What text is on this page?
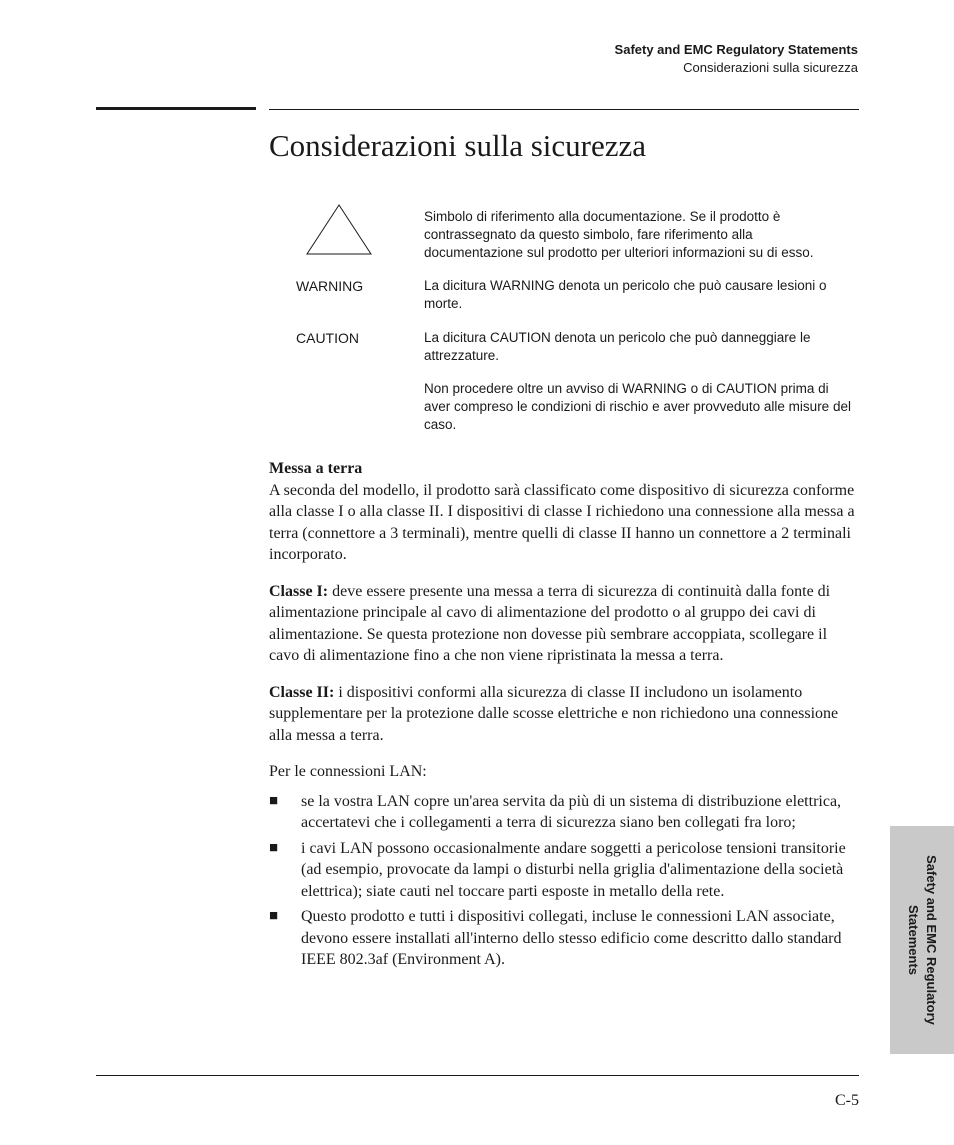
Safety and EMC Regulatory Statements
Considerazioni sulla sicurezza
Considerazioni sulla sicurezza
Simbolo di riferimento alla documentazione. Se il prodotto è contrassegnato da questo simbolo, fare riferimento alla documentazione sul prodotto per ulteriori informazioni su di esso.
WARNING	La dicitura WARNING denota un pericolo che può causare lesioni o morte.
CAUTION	La dicitura CAUTION denota un pericolo che può danneggiare le attrezzature.
Non procedere oltre un avviso di WARNING o di CAUTION prima di aver compreso le condizioni di rischio e aver provveduto alle misure del caso.

Messa a terra

A seconda del modello, il prodotto sarà classificato come dispositivo di sicurezza conforme alla classe I o alla classe II. I dispositivi di classe I richiedono una connessione alla messa a terra (connettore a 3 terminali), mentre quelli di classe II hanno un connettore a 2 terminali incorporato.

Classe I: deve essere presente una messa a terra di sicurezza di continuità dalla fonte di alimentazione principale al cavo di alimentazione del prodotto o al gruppo dei cavi di alimentazione. Se questa protezione non dovesse più sembrare accoppiata, scollegare il cavo di alimentazione fino a che non viene ripristinata la messa a terra.

Classe II: i dispositivi conformi alla sicurezza di classe II includono un isolamento supplementare per la protezione dalle scosse elettriche e non richiedono una connessione alla messa a terra.

Per le connessioni LAN:

■ se la vostra LAN copre un'area servita da più di un sistema di distribuzione elettrica, accertatevi che i collegamenti a terra di sicurezza siano ben collegati fra loro;
■ i cavi LAN possono occasionalmente andare soggetti a pericolose tensioni transitorie (ad esempio, provocate da lampi o disturbi nella griglia d'alimentazione della società elettrica); siate cauti nel toccare parti esposte in metallo della rete.
■ Questo prodotto e tutti i dispositivi collegati, incluse le connessioni LAN associate, devono essere installati all'interno dello stesso edificio come descritto dallo standard IEEE 802.3af (Environment A).
Safety and EMC Regulatory
Statements
C-5
